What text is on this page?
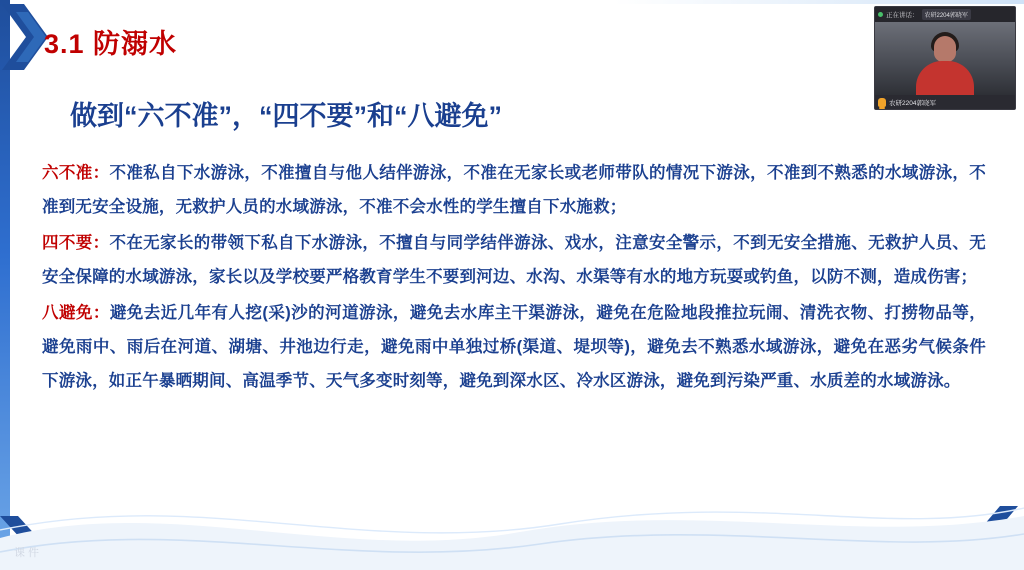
3.1 防溺水
做到“六不准”，“四不要”和“八避免”

六不准：不准私自下水游泳，不准擅自与他人结伴游泳，不准在无家长或老师带队的情况下游泳，不准到不熟悉的水域游泳，不准到无安全设施，无救护人员的水域游泳，不准不会水性的学生擅自下水施救；

四不要：不在无家长的带领下私自下水游泳，不擅自与同学结伴游泳、戏水，注意安全警示，不到无安全措施、无救护人员、无安全保障的水域游泳，家长以及学校要严格教育学生不要到河边、水沟、水渠等有水的地方玩耍或钓鱼，以防不测，造成伤害；

八避免：避免去近几年有人挖(采)沙的河道游泳，避免去水库主干渠游泳，避免在危险地段推拉玩闹、清洗衣物、打捞物品等，避免雨中、雨后在河道、湖塘、井池边行走，避免雨中单独过桥(渠道、堤坝等)，避免去不熟悉水域游泳，避免在恶劣气候条件下游泳，如正午暴晒期间、高温季节、天气多变时刻等，避免到深水区、冷水区游泳，避免到污染严重、水质差的水域游泳。

课件
正在讲话：	农研2204郭晓军
农研2204郭晓军
